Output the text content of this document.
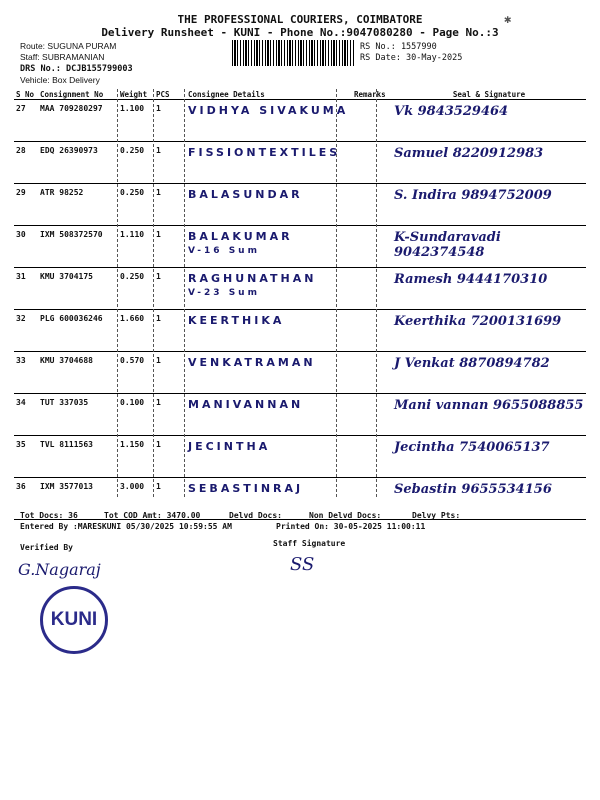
THE PROFESSIONAL COURIERS, COIMBATORE
Delivery Runsheet - KUNI - Phone No.:9047080280 - Page No.:3
Route: SUGUNA PURAM
Staff: SUBRAMANIAN
DRS No.: DCJB155799003
Vehicle: Box Delivery
RS No.: 1557990
RS Date: 30-May-2025
✱
S No	Consignment No	Weight	PCS	Consignee Details	Remarks	Seal & Signature
27	MAA 709280297	1.100	1	VIDHYA SIVAKUMA		Vk 9843529464
28	EDQ 26390973	0.250	1	FISSIONTEXTILES		Samuel 8220912983
29	ATR 98252	0.250	1	BALASUNDAR		S. Indira 9894752009
30	IXM 508372570	1.110	1	BALAKUMAR
V-16 Sum		K-Sundaravadi 9042374548
31	KMU 3704175	0.250	1	RAGHUNATHAN
V-23 Sum		Ramesh 9444170310
32	PLG 600036246	1.660	1	KEERTHIKA		Keerthika 7200131699
33	KMU 3704688	0.570	1	VENKATRAMAN		J Venkat 8870894782
34	TUT 337035	0.100	1	MANIVANNAN		Mani vannan 9655088855
35	TVL 8111563	1.150	1	JECINTHA		Jecintha 7540065137
36	IXM 3577013	3.000	1	SEBASTINRAJ		Sebastin 9655534156
Tot Docs: 36	Tot COD Amt: 3470.00	Delvd Docs:	Non Delvd Docs:	Delvy Pts:
Entered By :MARESKUNI 05/30/2025 10:59:55 AM	Printed On: 30-05-2025 11:00:11
Verified By	Staff Signature
G.Nagaraj	SS
KUNI
